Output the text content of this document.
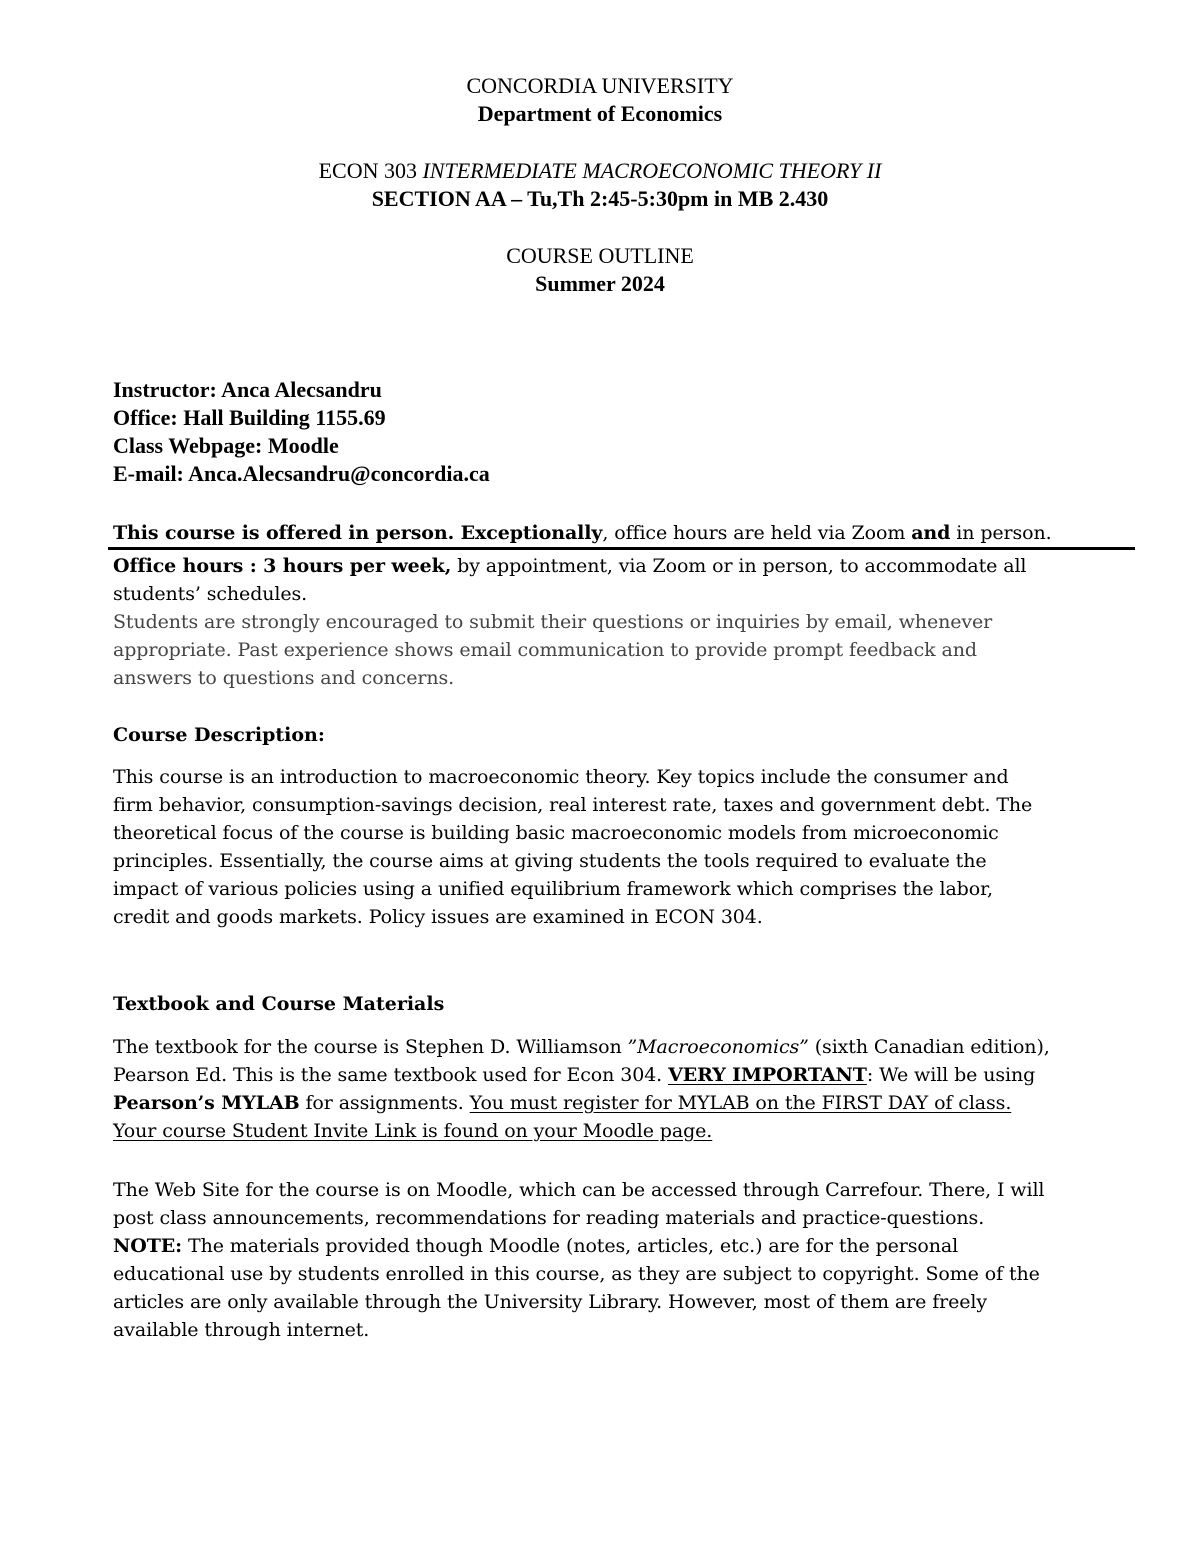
CONCORDIA UNIVERSITY
Department of Economics
ECON 303 INTERMEDIATE MACROECONOMIC THEORY II
SECTION AA – Tu,Th 2:45-5:30pm in MB 2.430
COURSE OUTLINE
Summer 2024
Instructor: Anca Alecsandru
Office: Hall Building 1155.69
Class Webpage: Moodle
E-mail: Anca.Alecsandru@concordia.ca
This course is offered in person. Exceptionally, office hours are held via Zoom and in person.
Office hours : 3 hours per week, by appointment, via Zoom or in person, to accommodate all
students’ schedules.
Students are strongly encouraged to submit their questions or inquiries by email, whenever
appropriate. Past experience shows email communication to provide prompt feedback and
answers to questions and concerns.
Course Description:
This course is an introduction to macroeconomic theory. Key topics include the consumer and
firm behavior, consumption-savings decision, real interest rate, taxes and government debt. The
theoretical focus of the course is building basic macroeconomic models from microeconomic
principles. Essentially, the course aims at giving students the tools required to evaluate the
impact of various policies using a unified equilibrium framework which comprises the labor,
credit and goods markets. Policy issues are examined in ECON 304.
Textbook and Course Materials
The textbook for the course is Stephen D. Williamson ”Macroeconomics” (sixth Canadian edition),
Pearson Ed. This is the same textbook used for Econ 304. VERY IMPORTANT: We will be using
Pearson’s MYLAB for assignments. You must register for MYLAB on the FIRST DAY of class.
Your course Student Invite Link is found on your Moodle page.
The Web Site for the course is on Moodle, which can be accessed through Carrefour. There, I will
post class announcements, recommendations for reading materials and practice-questions.
NOTE: The materials provided though Moodle (notes, articles, etc.) are for the personal
educational use by students enrolled in this course, as they are subject to copyright. Some of the
articles are only available through the University Library. However, most of them are freely
available through internet.
